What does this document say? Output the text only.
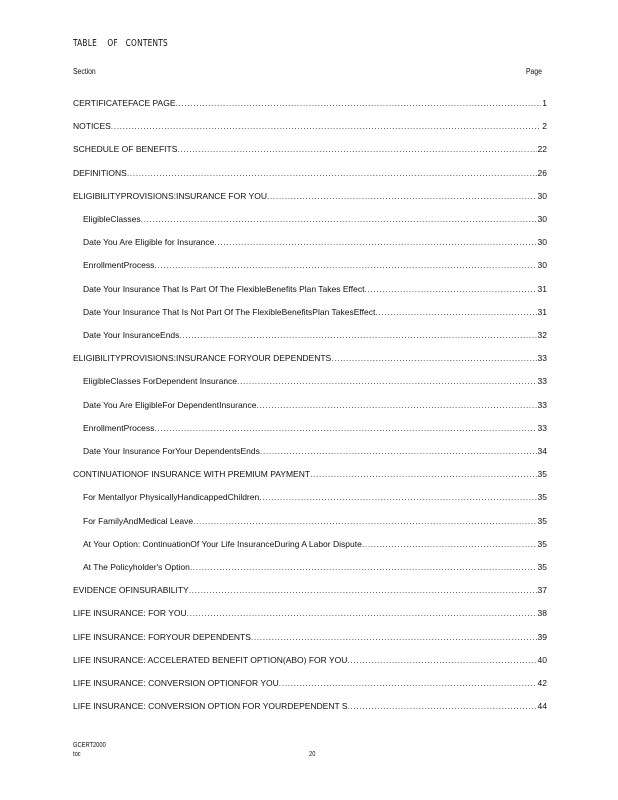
TABLE    OF   CONTENTS
Section	Page
CERTIFICATEFACE PAGE .....	1
NOTICES .....	2
SCHEDULE OF BENEFITS .....	22
DEFINITIONS .....	26
ELIGIBILITYPROVISIONS:INSURANCE FOR YOU .....	30
EligibleClasses .....	30
Date You Are Eligible for Insurance .....	30
EnrollmentProcess .....	30
Date Your Insurance That Is Part Of The FlexibleBenefits Plan Takes Effect .....	31
Date Your Insurance That Is Not Part Of The FlexibleBenefitsPlan TakesEffect .....	31
Date Your InsuranceEnds .....	32
ELIGIBILITYPROVISIONS:INSURANCE FORYOUR DEPENDENTS .....	33
EligibleClasses ForDependent Insurance .....	33
Date You Are EligibleFor DependentInsurance .....	33
EnrollmentProcess .....	33
Date Your Insurance ForYour DependentsEnds .....	34
CONTINUATIONOF INSURANCE WITH PREMIUM PAYMENT .....	35
For Mentallyor PhysicallyHandicappedChildren .....	35
For FamilyAndMedical Leave .....	35
At Your Option: ContinuationOf Your Life InsuranceDuring A Labor Dispute .....	35
At The Policyholder's Option .....	35
EVIDENCE OFINSURABILITY .....	37
LIFE INSURANCE: FOR YOU .....	38
LIFE INSURANCE: FORYOUR DEPENDENTS .....	39
LIFE INSURANCE: ACCELERATED BENEFIT OPTION(ABO) FOR YOU .....	40
LIFE INSURANCE: CONVERSION OPTIONFOR YOU .....	42
LIFE INSURANCE: CONVERSION OPTION FOR YOURDEPENDENT S .....	44
GCERT2000
toc	20
